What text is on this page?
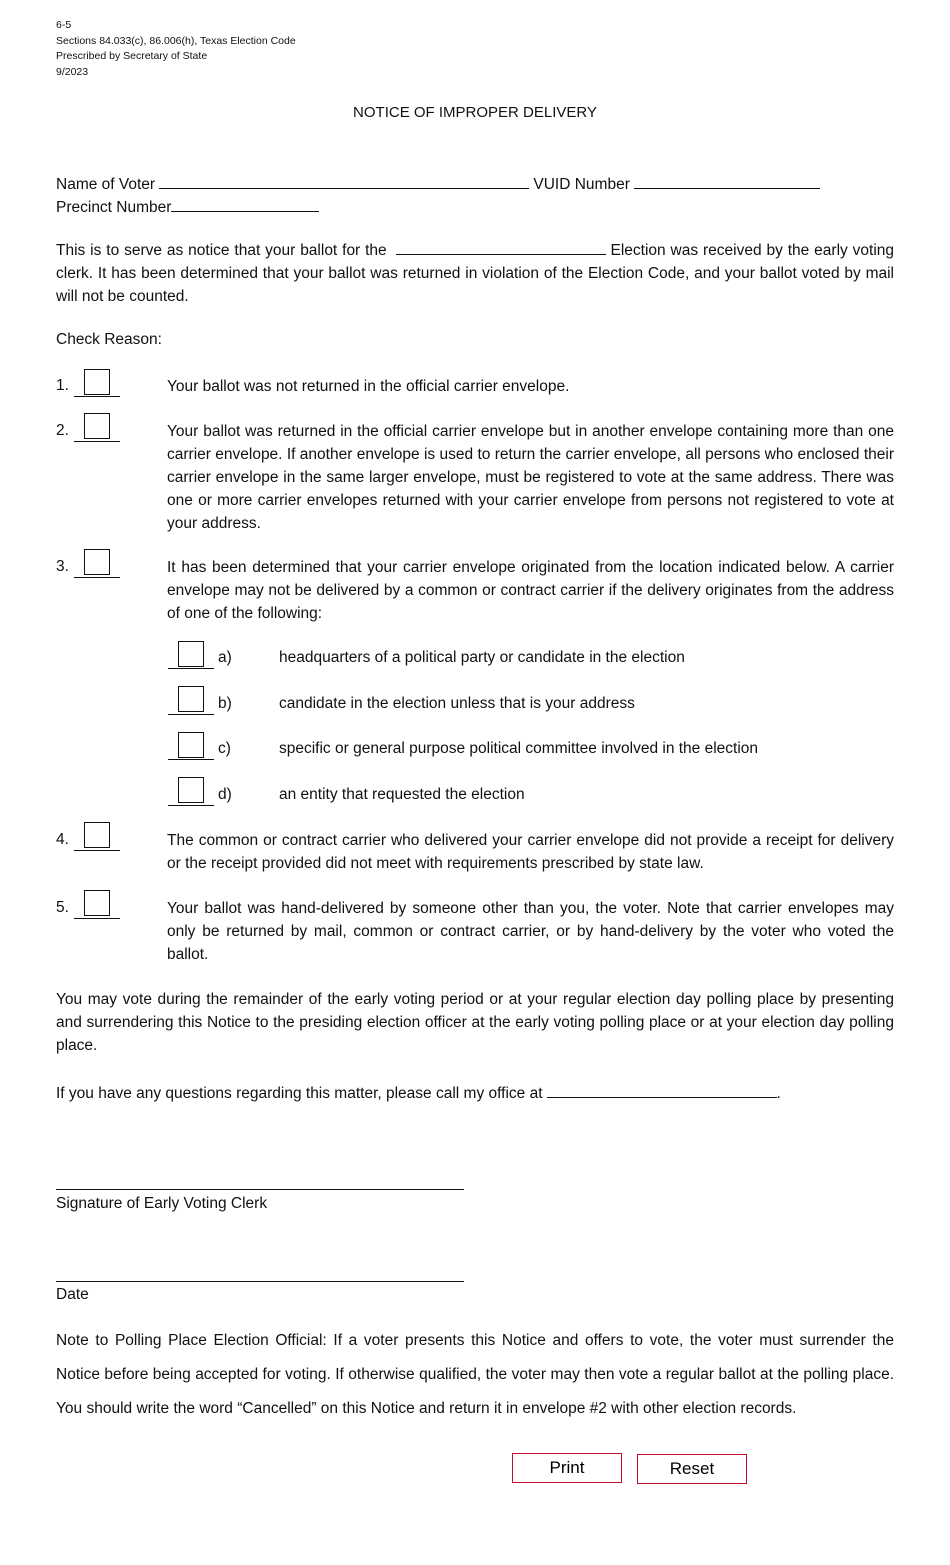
6-5
Sections 84.033(c), 86.006(h), Texas Election Code
Prescribed by Secretary of State
9/2023
NOTICE OF IMPROPER DELIVERY
Name of Voter	VUID Number
Precinct Number
This is to serve as notice that your ballot for the	Election was received by the early voting clerk. It has been determined that your ballot was returned in violation of the Election Code, and your ballot voted by mail will not be counted.
Check Reason:
1.	Your ballot was not returned in the official carrier envelope.
2.	Your ballot was returned in the official carrier envelope but in another envelope containing more than one carrier envelope. If another envelope is used to return the carrier envelope, all persons who enclosed their carrier envelope in the same larger envelope, must be registered to vote at the same address. There was one or more carrier envelopes returned with your carrier envelope from persons not registered to vote at your address.
3.	It has been determined that your carrier envelope originated from the location indicated below. A carrier envelope may not be delivered by a common or contract carrier if the delivery originates from the address of one of the following:
a)	headquarters of a political party or candidate in the election
b)	candidate in the election unless that is your address
c)	specific or general purpose political committee involved in the election
d)	an entity that requested the election
4.	The common or contract carrier who delivered your carrier envelope did not provide a receipt for delivery or the receipt provided did not meet with requirements prescribed by state law.
5.	Your ballot was hand-delivered by someone other than you, the voter. Note that carrier envelopes may only be returned by mail, common or contract carrier, or by hand-delivery by the voter who voted the ballot.
You may vote during the remainder of the early voting period or at your regular election day polling place by presenting and surrendering this Notice to the presiding election officer at the early voting polling place or at your election day polling place.
If you have any questions regarding this matter, please call my office at	.
Signature of Early Voting Clerk
Date
Note to Polling Place Election Official: If a voter presents this Notice and offers to vote, the voter must surrender the Notice before being accepted for voting. If otherwise qualified, the voter may then vote a regular ballot at the polling place. You should write the word “Cancelled” on this Notice and return it in envelope #2 with other election records.
Print	Reset
